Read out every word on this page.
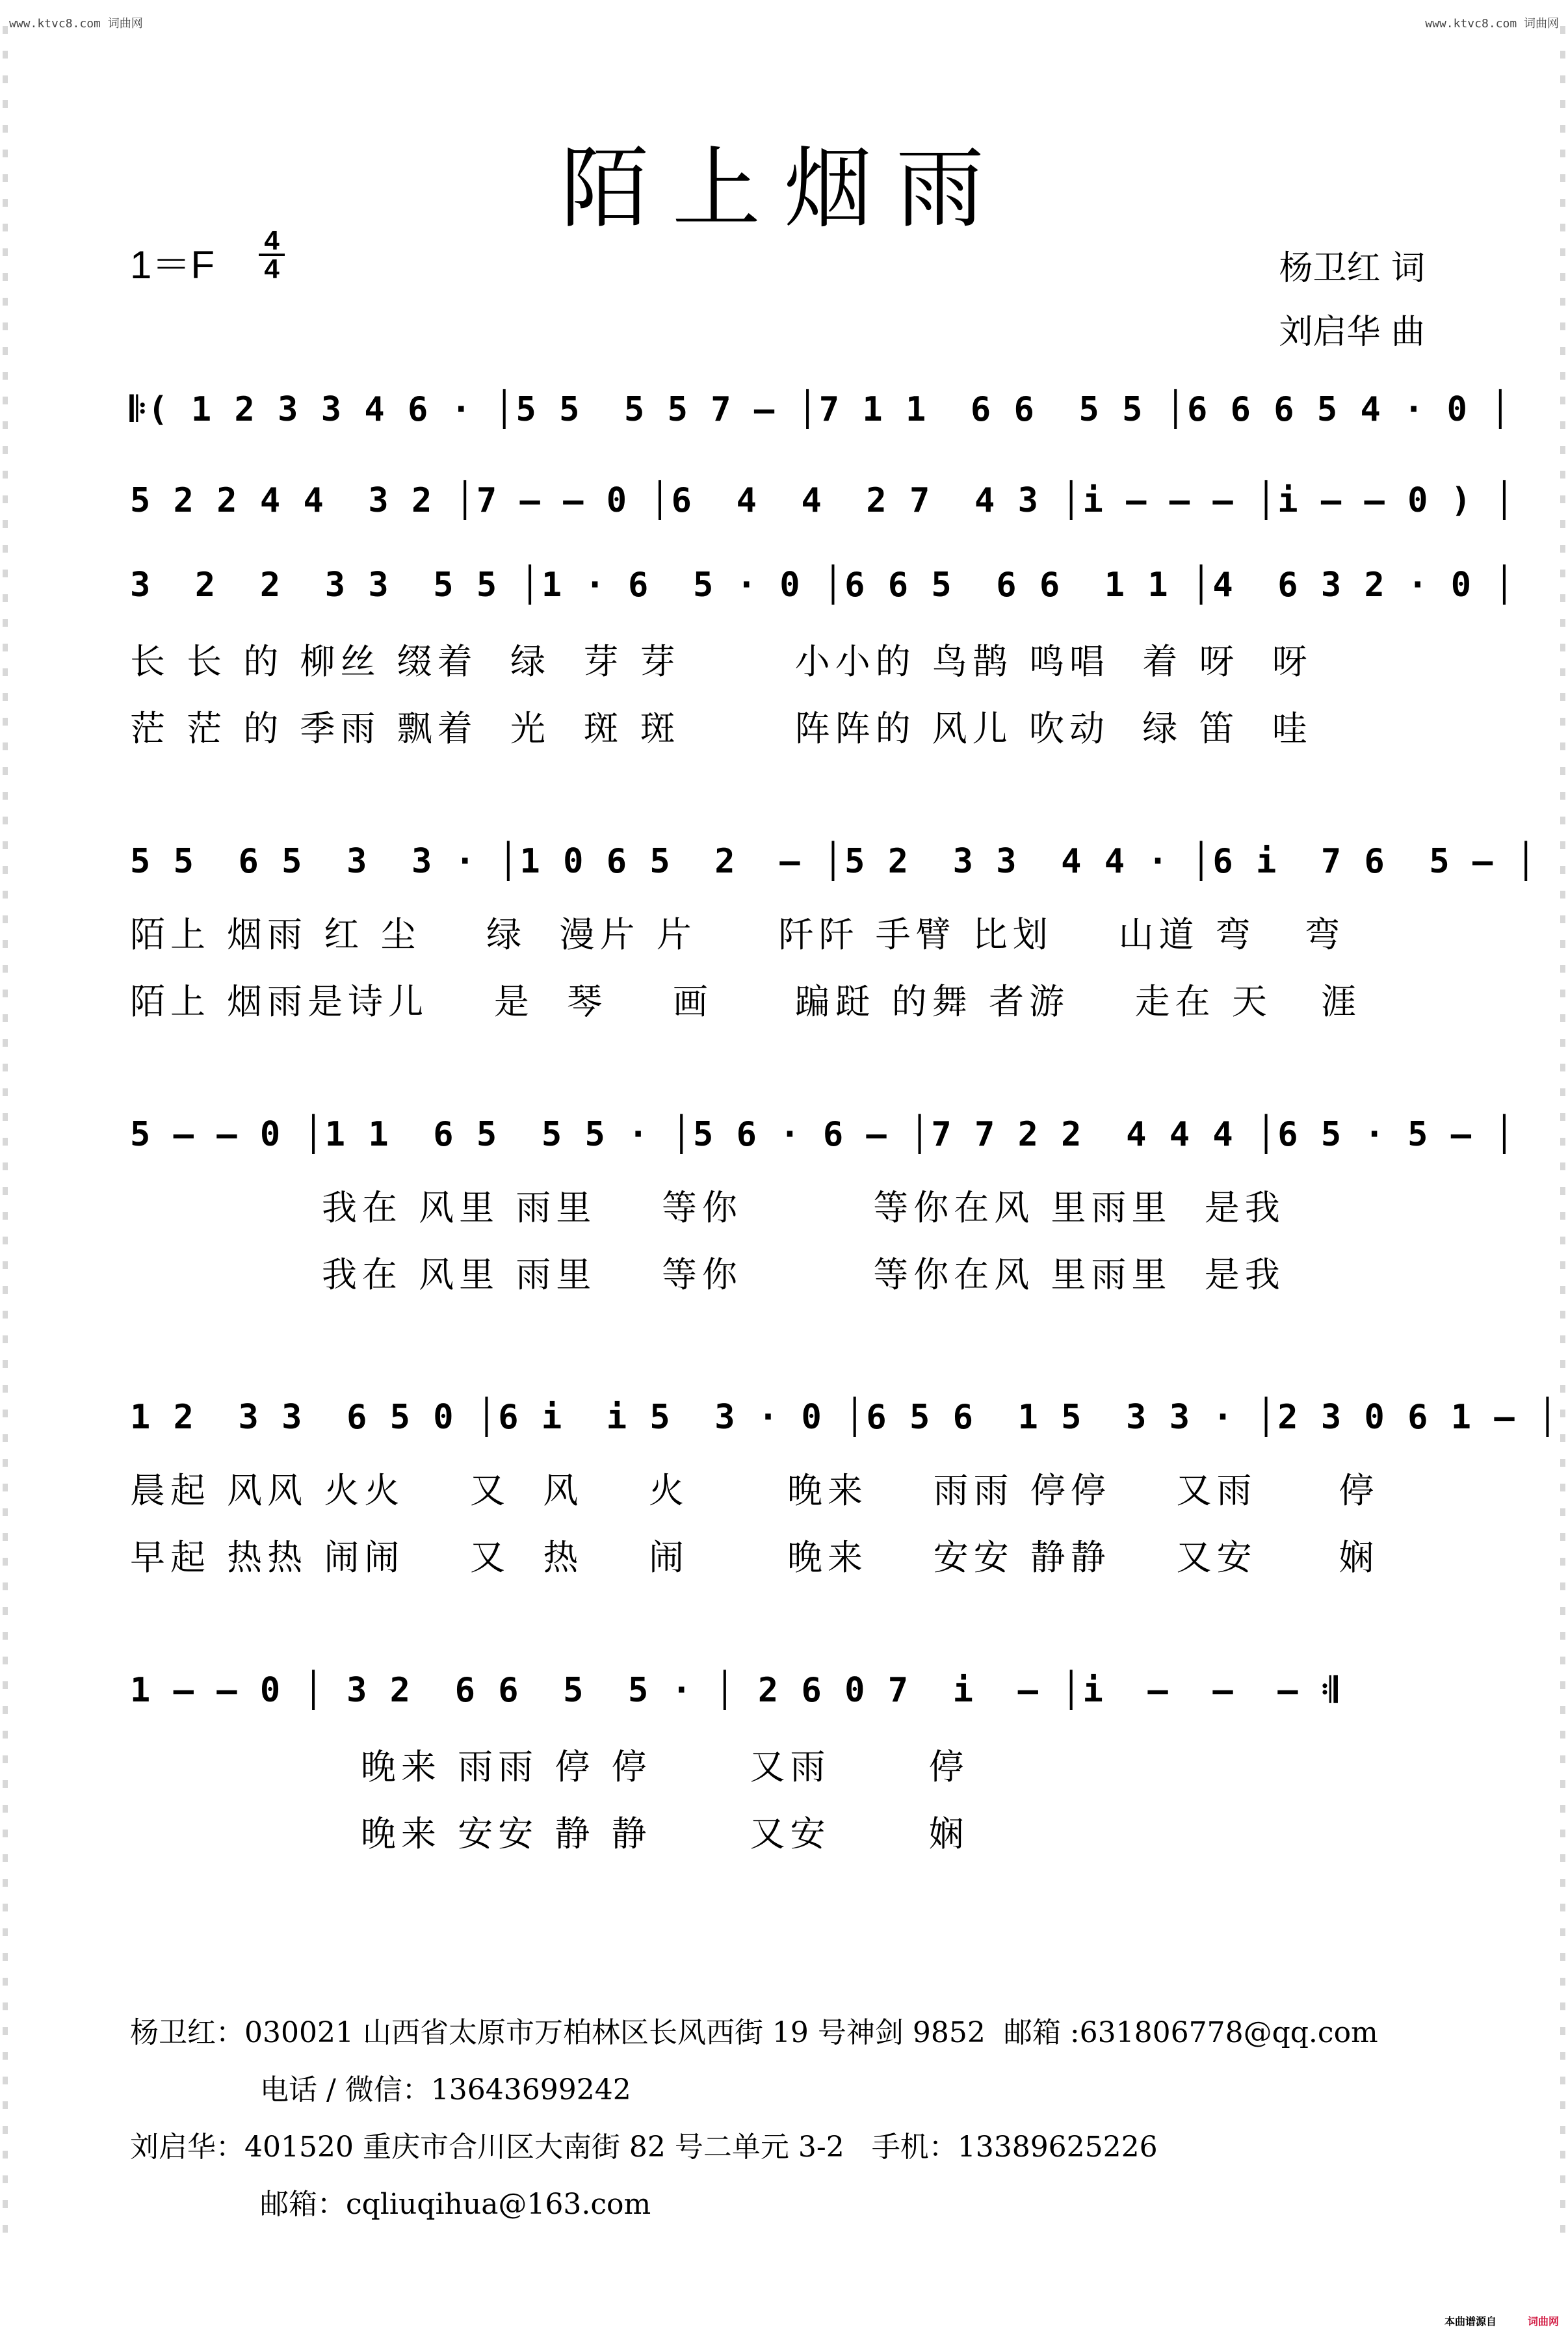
www.ktvc8.com 词曲网	www.ktvc8.com 词曲网
陌上烟雨
$1=F \frac{4}{4}$	杨卫红 词
刘启华 曲
𝄆( 1 2 3 3 4 6 · │5 5  5 5 7 – │7 1 1  6 6  5 5 │6 6 6 5 4 · 0 │
5 2 2 4 4  3 2 │7 – – 0 │6  4  4  2 7  4 3 │i – – – │i – – 0 ) │
3  2  2  3 3  5 5 │1 · 6  5 · 0 │6 6 5  6 6  1 1 │4  6 3 2 · 0 │
长 长 的 柳丝 缀着  绿  芽 芽       小小的 鸟鹊 鸣唱  着 呀  呀
茫 茫 的 季雨 飘着  光  斑 斑       阵阵的 风儿 吹动  绿 笛  哇
5 5  6 5  3  3 · │1 0 6 5  2  – │5 2  3 3  4 4 · │6 i  7 6  5 – │
陌上 烟雨 红 尘    绿  漫片 片     阡阡 手臂 比划    山道 弯   弯
陌上 烟雨是诗儿    是  琴    画     蹁跹 的舞 者游    走在 天   涯
5 – – 0 │1 1  6 5  5 5 · │5 6 · 6 – │7 7 2 2  4 4 4 │6 5 · 5 – │
我在 风里 雨里    等你        等你在风 里雨里  是我
我在 风里 雨里    等你        等你在风 里雨里  是我
1 2  3 3  6 5 0 │6 i  i 5  3 · 0 │6 5 6  1 5  3 3 · │2 3 0 6 1 – │
晨起 风风 火火    又  风    火      晚来    雨雨 停停    又雨     停
早起 热热 闹闹    又  热    闹      晚来    安安 静静    又安     娴
1 – – 0 │ 3 2  6 6  5  5 · │ 2 6 0 7  i  – │i  –  –  – 𝄇
晚来 雨雨 停 停      又雨      停
晚来 安安 静 静      又安      娴
杨卫红：030021 山西省太原市万柏林区长风西街 19 号神剑 9852  邮箱 :631806778@qq.com
电话 / 微信：13643699242
刘启华：401520 重庆市合川区大南街 82 号二单元 3-2   手机：13389625226
邮箱：cqliuqihua@163.com
本曲谱源自	词曲网
